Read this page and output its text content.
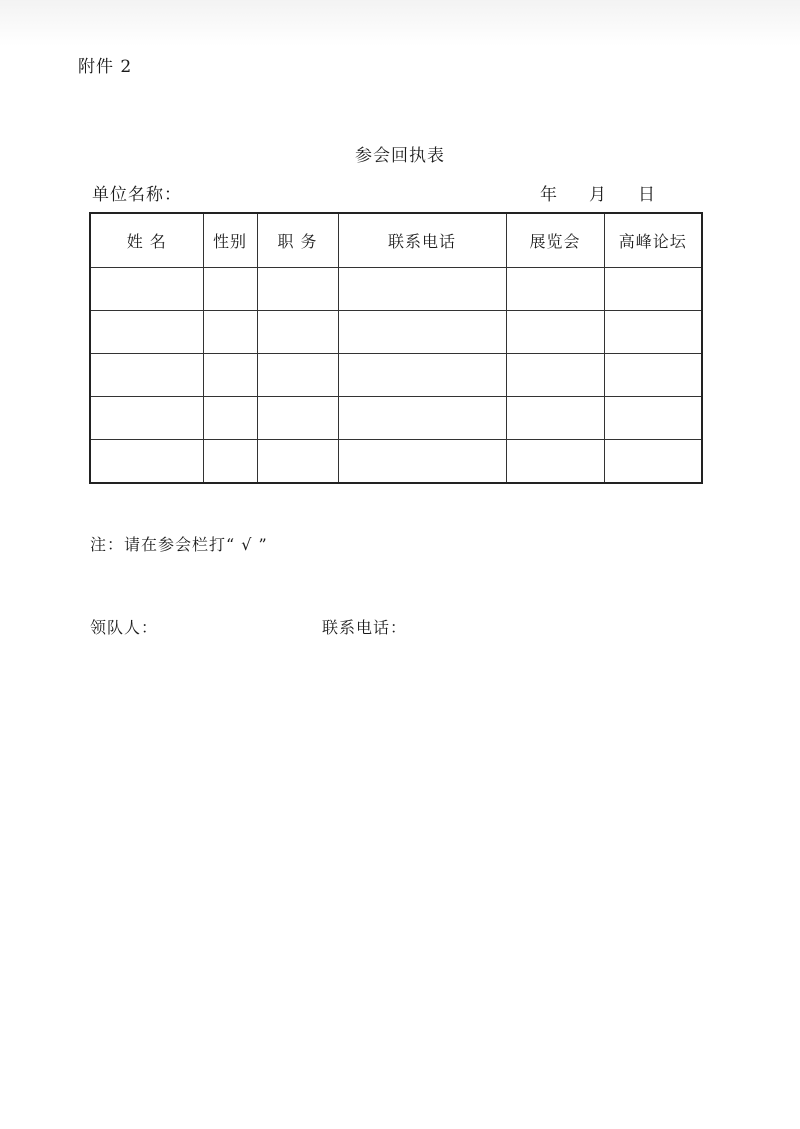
附件 2
参会回执表
单位名称：	年 月 日
姓 名	性别	职 务	联系电话	展览会	高峰论坛

注：请在参会栏打“ √ ”
领队人：	联系电话：
